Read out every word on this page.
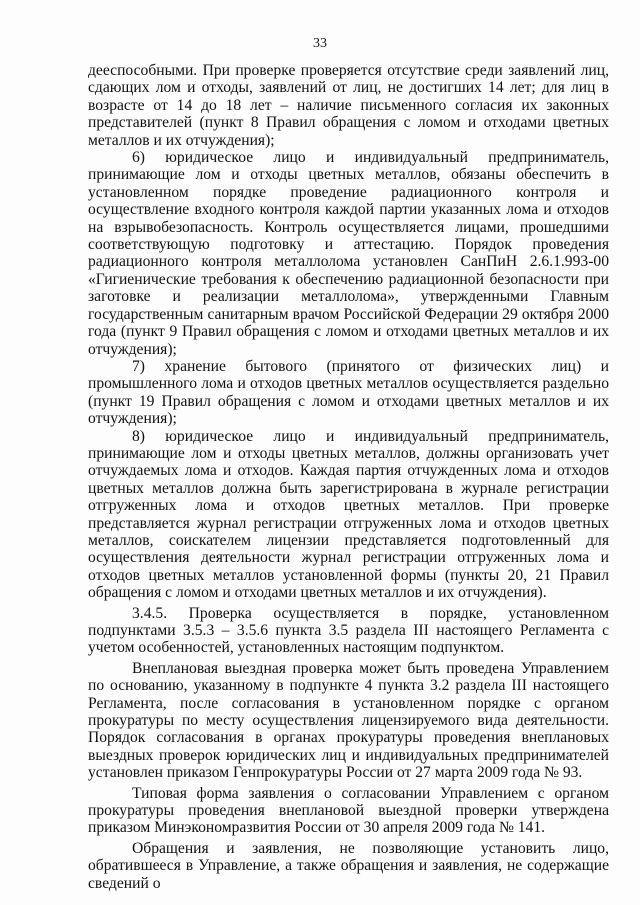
33

дееспособными. При проверке проверяется отсутствие среди заявлений лиц, сдающих лом и отходы, заявлений от лиц, не достигших 14 лет; для лиц в возрасте от 14 до 18 лет – наличие письменного согласия их законных представителей (пункт 8 Правил обращения с ломом и отходами цветных металлов и их отчуждения);

6) юридическое лицо и индивидуальный предприниматель, принимающие лом и отходы цветных металлов, обязаны обеспечить в установленном порядке проведение радиационного контроля и осуществление входного контроля каждой партии указанных лома и отходов на взрывобезопасность. Контроль осуществляется лицами, прошедшими соответствующую подготовку и аттестацию. Порядок проведения радиационного контроля металлолома установлен СанПиН 2.6.1.993-00 «Гигиенические требования к обеспечению радиационной безопасности при заготовке и реализации металлолома», утвержденными Главным государственным санитарным врачом Российской Федерации 29 октября 2000 года (пункт 9 Правил обращения с ломом и отходами цветных металлов и их отчуждения);

7) хранение бытового (принятого от физических лиц) и промышленного лома и отходов цветных металлов осуществляется раздельно (пункт 19 Правил обращения с ломом и отходами цветных металлов и их отчуждения);

8) юридическое лицо и индивидуальный предприниматель, принимающие лом и отходы цветных металлов, должны организовать учет отчуждаемых лома и отходов. Каждая партия отчужденных лома и отходов цветных металлов должна быть зарегистрирована в журнале регистрации отгруженных лома и отходов цветных металлов. При проверке представляется журнал регистрации отгруженных лома и отходов цветных металлов, соискателем лицензии представляется подготовленный для осуществления деятельности журнал регистрации отгруженных лома и отходов цветных металлов установленной формы (пункты 20, 21 Правил обращения с ломом и отходами цветных металлов и их отчуждения).

3.4.5. Проверка осуществляется в порядке, установленном подпунктами 3.5.3 – 3.5.6 пункта 3.5 раздела III настоящего Регламента с учетом особенностей, установленных настоящим подпунктом.

Внеплановая выездная проверка может быть проведена Управлением по основанию, указанному в подпункте 4 пункта 3.2 раздела III настоящего Регламента, после согласования в установленном порядке с органом прокуратуры по месту осуществления лицензируемого вида деятельности. Порядок согласования в органах прокуратуры проведения внеплановых выездных проверок юридических лиц и индивидуальных предпринимателей установлен приказом Генпрокуратуры России от 27 марта 2009 года № 93.

Типовая форма заявления о согласовании Управлением с органом прокуратуры проведения внеплановой выездной проверки утверждена приказом Минэкономразвития России от 30 апреля 2009 года № 141.

Обращения и заявления, не позволяющие установить лицо, обратившееся в Управление, а также обращения и заявления, не содержащие сведений о
